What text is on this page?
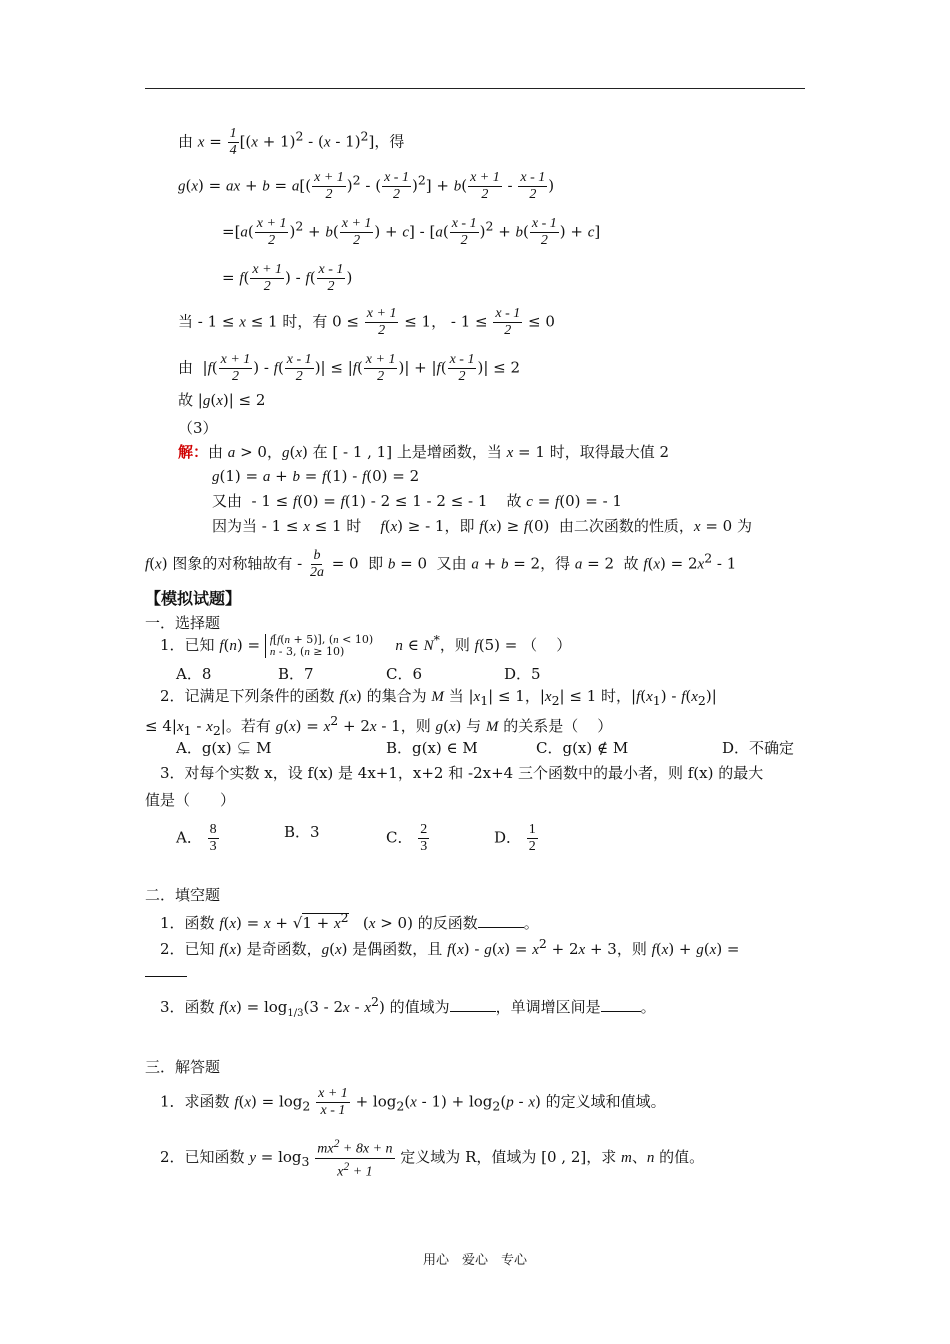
由 $x = \frac{1}{4} [(x + 1)^2 - (x - 1)^2]$，得
g(x) = ax + $b = a[( \frac{x + 1}{2} )^2$ - ( $\frac{x - 1}{2} )^2] + b( \frac{x + 1}{2} - \frac{x - 1}{2}$ )
$=[a( \frac{x + 1}{2} )^2 + b( \frac{x + 1}{2}$ ) + $c] - [a( \frac{x - 1}{2} )^2 + b( \frac{x - 1}{2}$ ) + c]
= $f( \frac{x + 1}{2}$ ) - $f( \frac{x - 1}{2}$ )
当 - 1 ≤ x ≤ 1 时，有 $0 \le \frac{x + 1}{2} \le 1$， - $1 \le \frac{x - 1}{2} \le 0$
由  $|f( \frac{x + 1}{2}$ ) - $f( \frac{x - 1}{2}$ )| ≤ $|f( \frac{x + 1}{2}$ )| + $|f( \frac{x - 1}{2}$ )| ≤ 2
故 |g(x)| ≤ 2
（3）
解：由 a > 0，g(x) 在 [ - 1 , 1] 上是增函数，当 x = 1 时，取得最大值 2
g(1) = a + b = f(1) - f(0) = 2
又由  - 1 ≤ f(0) = f(1) - 2 ≤ 1 - 2 ≤ - 1    故 c = f(0) = - 1
因为当 - 1 ≤ x ≤ 1 时    f(x) ≥ - 1，即 f(x) ≥ f(0)  由二次函数的性质，x = 0 为
f(x) 图象的对称轴故有 - $\frac{b}{2a} = 0$  即 b = 0  又由 a + b = 2，得 a = 2  故 $f(x) = 2x^2 - 1$
【模拟试题】
一．选择题
1．已知 f(n) = f[f(n + 5)], (n < 10)
n - 3, (n ≥ 10)	n ∈ N*，则 f(5) = （    ）
A．8	B．7	C．6	D．5
2．记满足下列条件的函数 f(x) 的集合为 M 当 $|x_1| \le 1$，$|x_2| \le 1$ 时，$|f(x_1) - f(x_2)|$
≤ $4|x_1 - x_2|$。若有 $g(x) = x^2 + 2x - 1$，则 g(x) 与 M 的关系是（    ）
A．g(x) ⊊ M	B．g(x) ∈ M	C．g(x) ∉ M	D．不确定
3．对每个实数 x，设 f(x) 是 4x+1，x+2 和 -2x+4 三个函数中的最小者，则 f(x) 的最大
值是（　　）
A． $\frac{8}{3}$	B．3	C． $\frac{2}{3}$	D． $\frac{1}{2}$
二．填空题
1．函数 $f(x) = x + √1 + x^2$   (x > 0) 的反函数	。
2．已知 f(x) 是奇函数，g(x) 是偶函数，且 $f(x) - g(x) = x^2 + 2x + 3$，则 f(x) + g(x) =
3．函数 $f(x) = \log_{1/3}(3 - 2x - x^2)$ 的值域为	，单调增区间是	。
三．解答题
1．求函数 $f(x) = \log_2 \frac{x + 1}{x - 1} + \log_2(x - 1) + \log_2(p - x)$ 的定义域和值域。
2．已知函数 $y = \log_3 \frac{mx^2 + 8x + n}{x^2 + 1}$ 定义域为 R，值域为 [0 , 2]，求 m、n 的值。
用心　爱心　专心
